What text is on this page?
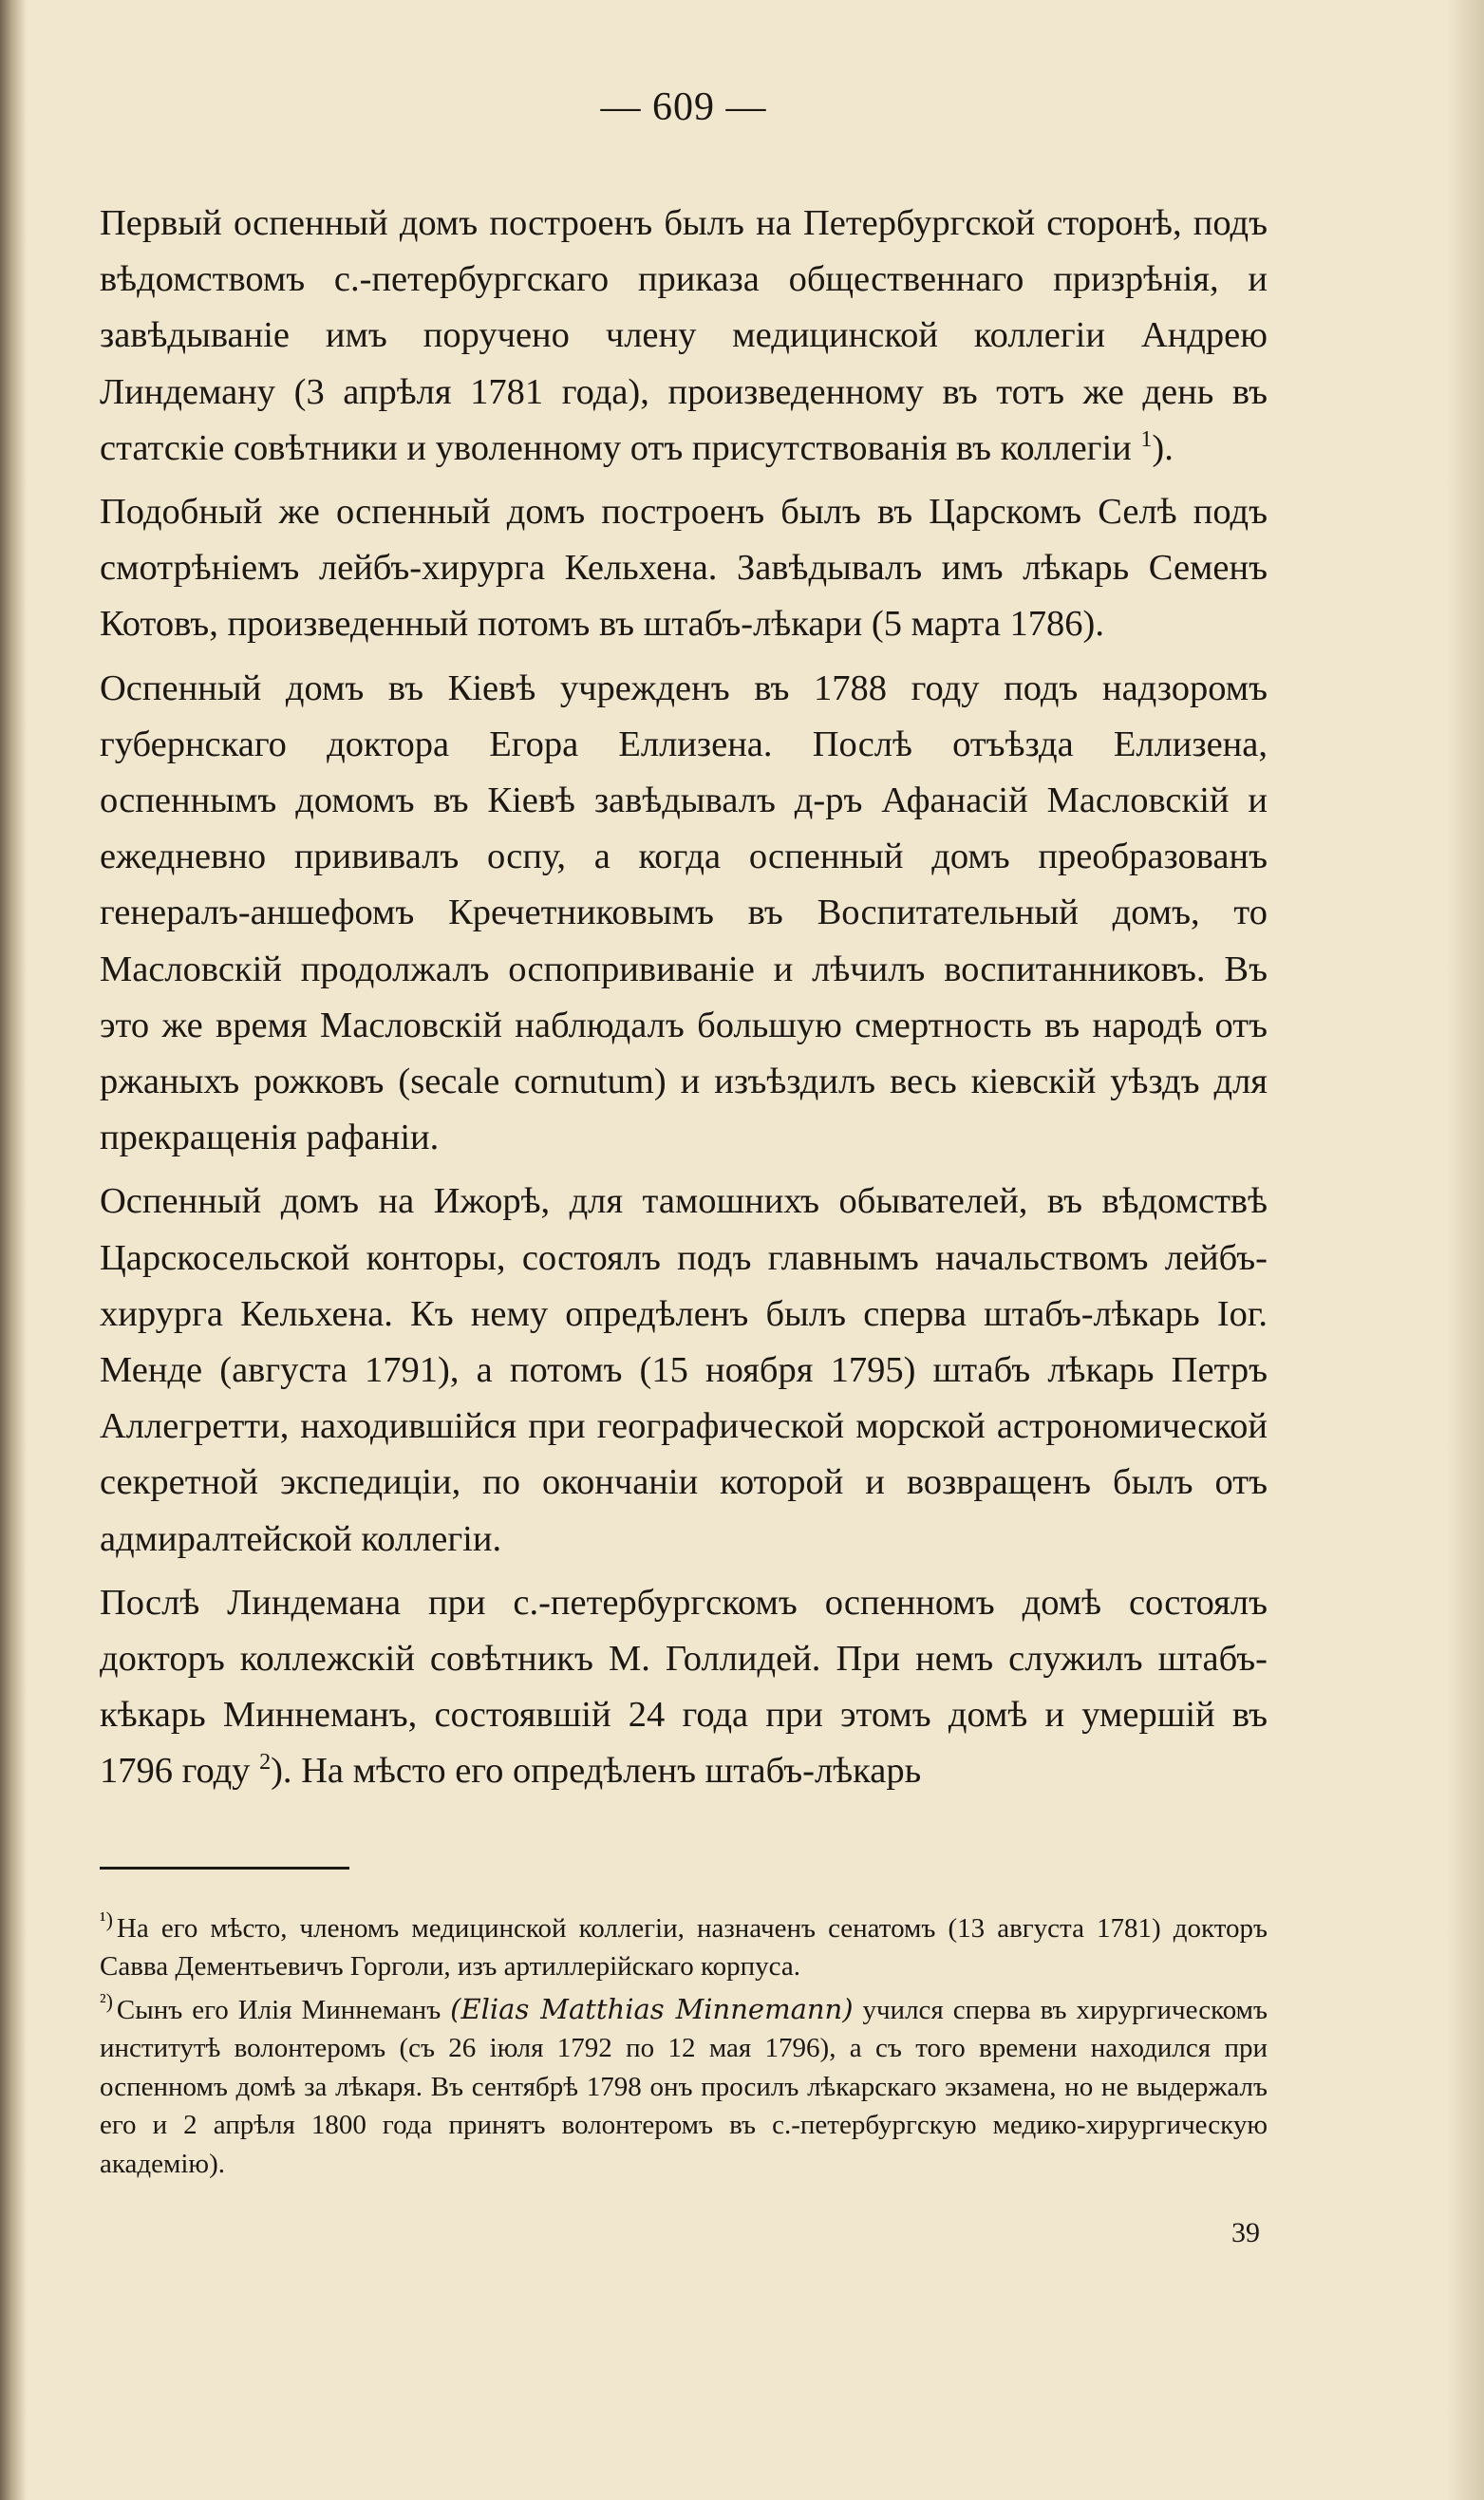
— 609 —

Первый оспенный домъ построенъ былъ на Петербургской сторонѣ, подъ вѣдомствомъ с.-петербургскаго приказа общественнаго призрѣнія, и завѣдываніе имъ поручено члену медицинской коллегіи Андрею Линдеману (3 апрѣля 1781 года), произведенному въ тотъ же день въ статскіе совѣтники и уволенному отъ присутствованія въ коллегіи $^1$).

Подобный же оспенный домъ построенъ былъ въ Царскомъ Селѣ подъ смотрѣніемъ лейбъ-хирурга Кельхена. Завѣдывалъ имъ лѣкарь Семенъ Котовъ, произведенный потомъ въ штабъ-лѣкари (5 марта 1786).

Оспенный домъ въ Кіевѣ учрежденъ въ 1788 году подъ надзоромъ губернскаго доктора Егора Еллизена. Послѣ отъѣзда Еллизена, оспеннымъ домомъ въ Кіевѣ завѣдывалъ д-ръ Афанасій Масловскій и ежедневно прививалъ оспу, а когда оспенный домъ преобразованъ генералъ-аншефомъ Кречетниковымъ въ Воспитательный домъ, то Масловскій продолжалъ оспопрививаніе и лѣчилъ воспитанниковъ. Въ это же время Масловскій наблюдалъ большую смертность въ народѣ отъ ржаныхъ рожковъ (secale cornutum) и изъѣздилъ весь кіевскій уѣздъ для прекращенія рафаніи.

Оспенный домъ на Ижорѣ, для тамошнихъ обывателей, въ вѣдомствѣ Царскосельской конторы, состоялъ подъ главнымъ начальствомъ лейбъ-хирурга Кельхена. Къ нему опредѣленъ былъ сперва штабъ-лѣкарь Іог. Менде (августа 1791), а потомъ (15 ноября 1795) штабъ лѣкарь Петръ Аллегретти, находившійся при географической морской астрономической секретной экспедиціи, по окончаніи которой и возвращенъ былъ отъ адмиралтейской коллегіи.

Послѣ Линдемана при с.-петербургскомъ оспенномъ домѣ состоялъ докторъ коллежскій совѣтникъ М. Голлидей. При немъ служилъ штабъ-кѣкарь Миннеманъ, состоявшій 24 года при этомъ домѣ и умершій въ 1796 году $^2$). На мѣсто его опредѣленъ штабъ-лѣкарь

$^{^1)}$ На его мѣсто, членомъ медицинской коллегіи, назначенъ сенатомъ (13 августа 1781) докторъ Савва Дементьевичъ Горголи, изъ артиллерійскаго корпуса.

$^{^2)}$ Сынъ его Илія Миннеманъ (Elias Matthias Minnemann) учился сперва въ хирургическомъ институтѣ волонтеромъ (съ 26 іюля 1792 по 12 мая 1796), а съ того времени находился при оспенномъ домѣ за лѣкаря. Въ сентябрѣ 1798 онъ просилъ лѣкарскаго экзамена, но не выдержалъ его и 2 апрѣля 1800 года принятъ волонтеромъ въ с.-петербургскую медико-хирургическую академію).

39
